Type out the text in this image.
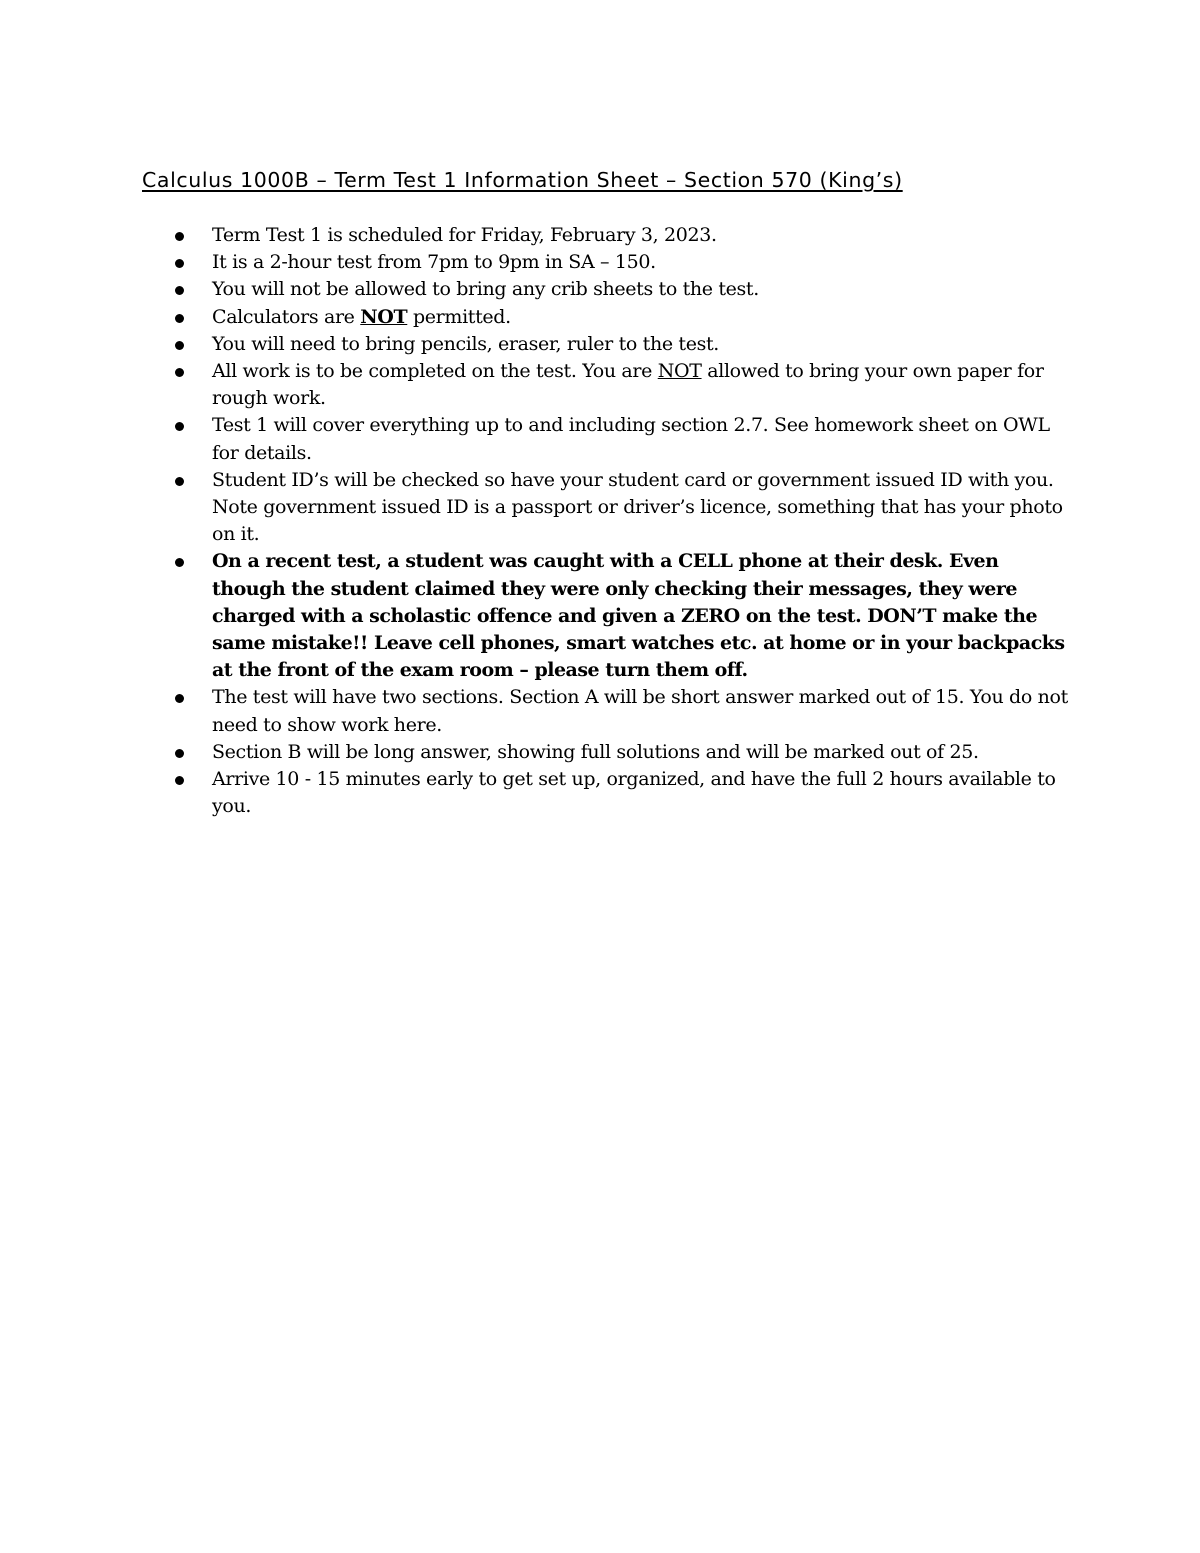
Calculus 1000B – Term Test 1 Information Sheet – Section 570 (King’s)
Term Test 1 is scheduled for Friday, February 3, 2023.
It is a 2-hour test from 7pm to 9pm in SA – 150.
You will not be allowed to bring any crib sheets to the test.
Calculators are NOT permitted.
You will need to bring pencils, eraser, ruler to the test.
All work is to be completed on the test. You are NOT allowed to bring your own paper for rough work.
Test 1 will cover everything up to and including section 2.7. See homework sheet on OWL for details.
Student ID’s will be checked so have your student card or government issued ID with you. Note government issued ID is a passport or driver’s licence, something that has your photo on it.
On a recent test, a student was caught with a CELL phone at their desk. Even though the student claimed they were only checking their messages, they were charged with a scholastic offence and given a ZERO on the test. DON’T make the same mistake!! Leave cell phones, smart watches etc. at home or in your backpacks at the front of the exam room – please turn them off.
The test will have two sections. Section A will be short answer marked out of 15. You do not need to show work here.
Section B will be long answer, showing full solutions and will be marked out of 25.
Arrive 10 - 15 minutes early to get set up, organized, and have the full 2 hours available to you.
